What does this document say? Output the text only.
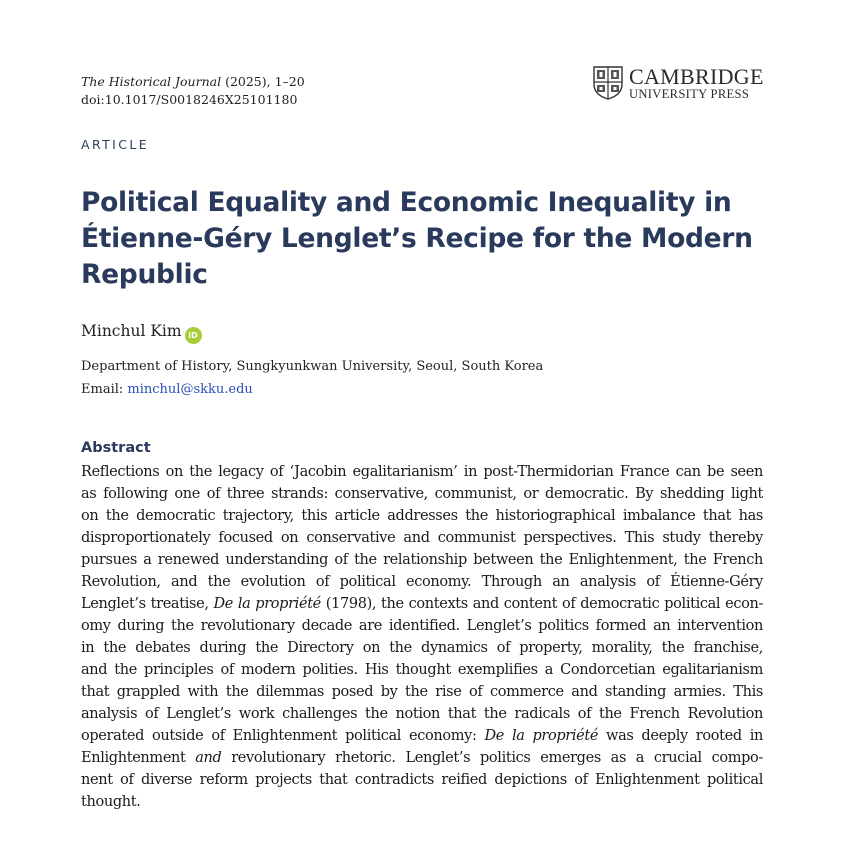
The Historical Journal (2025), 1–20
doi:10.1017/S0018246X25101180
CAMBRIDGE
UNIVERSITY PRESS
ARTICLE
Political Equality and Economic Inequality in Étienne-Géry Lenglet’s Recipe for the Modern Republic
Minchul Kim iD
Department of History, Sungkyunkwan University, Seoul, South Korea
Email: minchul@skku.edu
Abstract
Reflections on the legacy of ‘Jacobin egalitarianism’ in post-Thermidorian France can be seen
as following one of three strands: conservative, communist, or democratic. By shedding light
on the democratic trajectory, this article addresses the historiographical imbalance that has
disproportionately focused on conservative and communist perspectives. This study thereby
pursues a renewed understanding of the relationship between the Enlightenment, the French
Revolution, and the evolution of political economy. Through an analysis of Étienne-Géry
Lenglet’s treatise, De la propriété (1798), the contexts and content of democratic political econ-
omy during the revolutionary decade are identified. Lenglet’s politics formed an intervention
in the debates during the Directory on the dynamics of property, morality, the franchise,
and the principles of modern polities. His thought exemplifies a Condorcetian egalitarianism
that grappled with the dilemmas posed by the rise of commerce and standing armies. This
analysis of Lenglet’s work challenges the notion that the radicals of the French Revolution
operated outside of Enlightenment political economy: De la propriété was deeply rooted in
Enlightenment and revolutionary rhetoric. Lenglet’s politics emerges as a crucial compo-
nent of diverse reform projects that contradicts reified depictions of Enlightenment political
thought.
